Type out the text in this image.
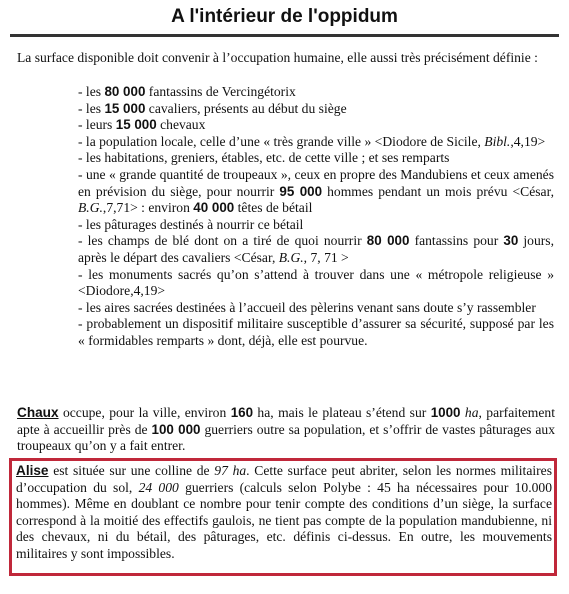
A l'intérieur de l'oppidum

La surface disponible doit convenir à l’occupation humaine, elle aussi très précisément définie :

- les 80 000 fantassins de Vercingétorix
- les 15 000 cavaliers, présents au début du siège
- leurs 15 000 chevaux
- la population locale, celle d’une « très grande ville » <Diodore de Sicile, Bibl.,4,19>
- les habitations, greniers, étables, etc. de cette ville ; et ses remparts
- une « grande quantité de troupeaux », ceux en propre des Mandubiens et ceux amenés en prévision du siège, pour nourrir 95 000 hommes pendant un mois prévu <César, B.G.,7,71> : environ 40 000 têtes de bétail
- les pâturages destinés à nourrir ce bétail
- les champs de blé dont on a tiré de quoi nourrir 80 000 fantassins pour 30 jours, après le départ des cavaliers <César, B.G., 7, 71 >
- les monuments sacrés qu’on s’attend à trouver dans une « métropole religieuse » <Diodore,4,19>
- les aires sacrées destinées à l’accueil des pèlerins venant sans doute s’y rassembler
- probablement un dispositif militaire susceptible d’assurer sa sécurité, supposé par les « formidables remparts » dont, déjà, elle est pourvue.

Chaux occupe, pour la ville, environ 160 ha, mais le plateau s’étend sur 1000 ha, parfaitement apte à accueillir près de 100 000 guerriers outre sa population, et s’offrir de vastes pâturages aux troupeaux qu’on y a fait entrer.

Alise est située sur une colline de 97 ha. Cette surface peut abriter, selon les normes militaires d’occupation du sol, 24 000 guerriers (calculs selon Polybe : 45 ha nécessaires pour 10.000 hommes). Même en doublant ce nombre pour tenir compte des conditions d’un siège, la surface correspond à la moitié des effectifs gaulois, ne tient pas compte de la population mandubienne, ni des chevaux, ni du bétail, des pâturages, etc. définis ci-dessus. En outre, les mouvements militaires y sont impossibles.
